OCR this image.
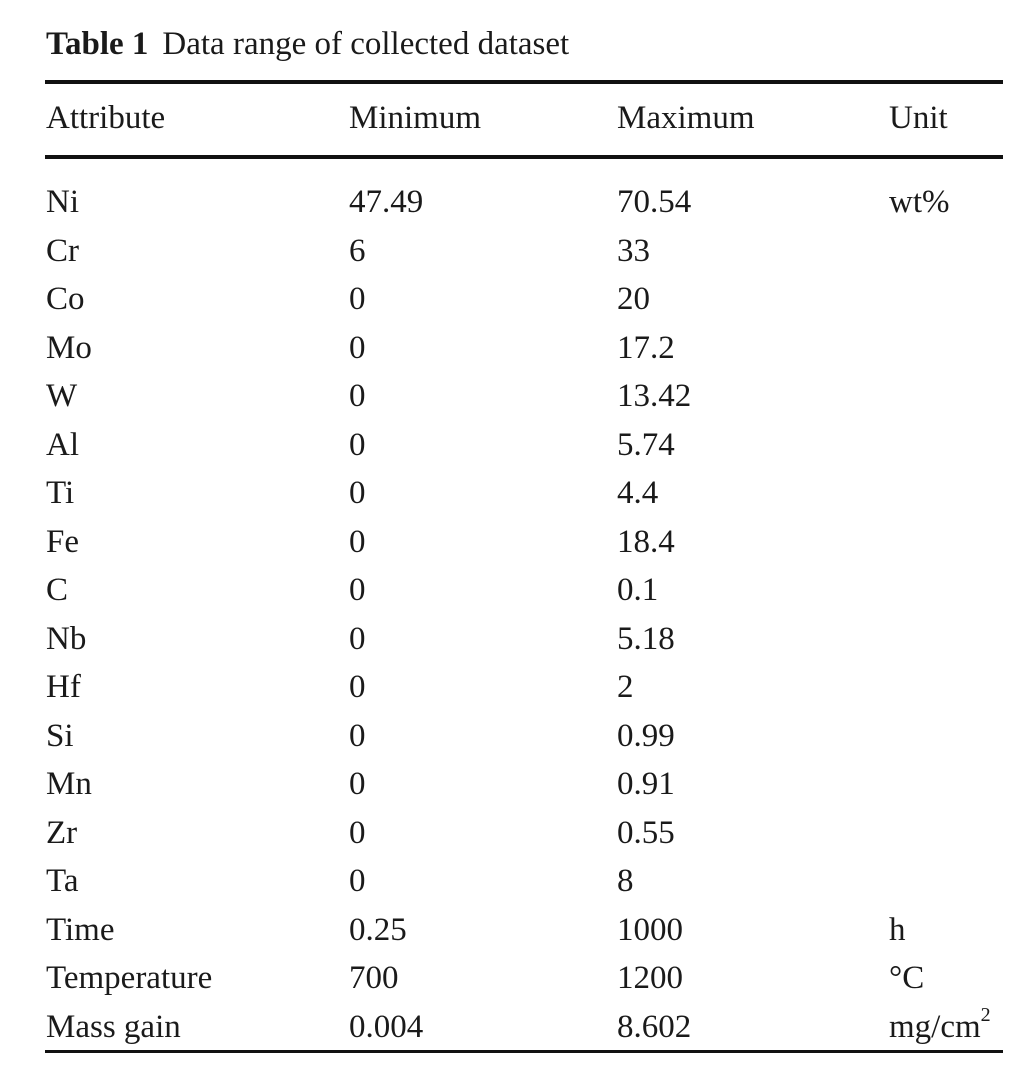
Table 1 Data range of collected dataset
Attribute	Minimum	Maximum	Unit
Ni	47.49	70.54	wt%
Cr	6	33
Co	0	20
Mo	0	17.2
W	0	13.42
Al	0	5.74
Ti	0	4.4
Fe	0	18.4
C	0	0.1
Nb	0	5.18
Hf	0	2
Si	0	0.99
Mn	0	0.91
Zr	0	0.55
Ta	0	8
Time	0.25	1000	h
Temperature	700	1200	°C
Mass gain	0.004	8.602	$mg/cm^2$
